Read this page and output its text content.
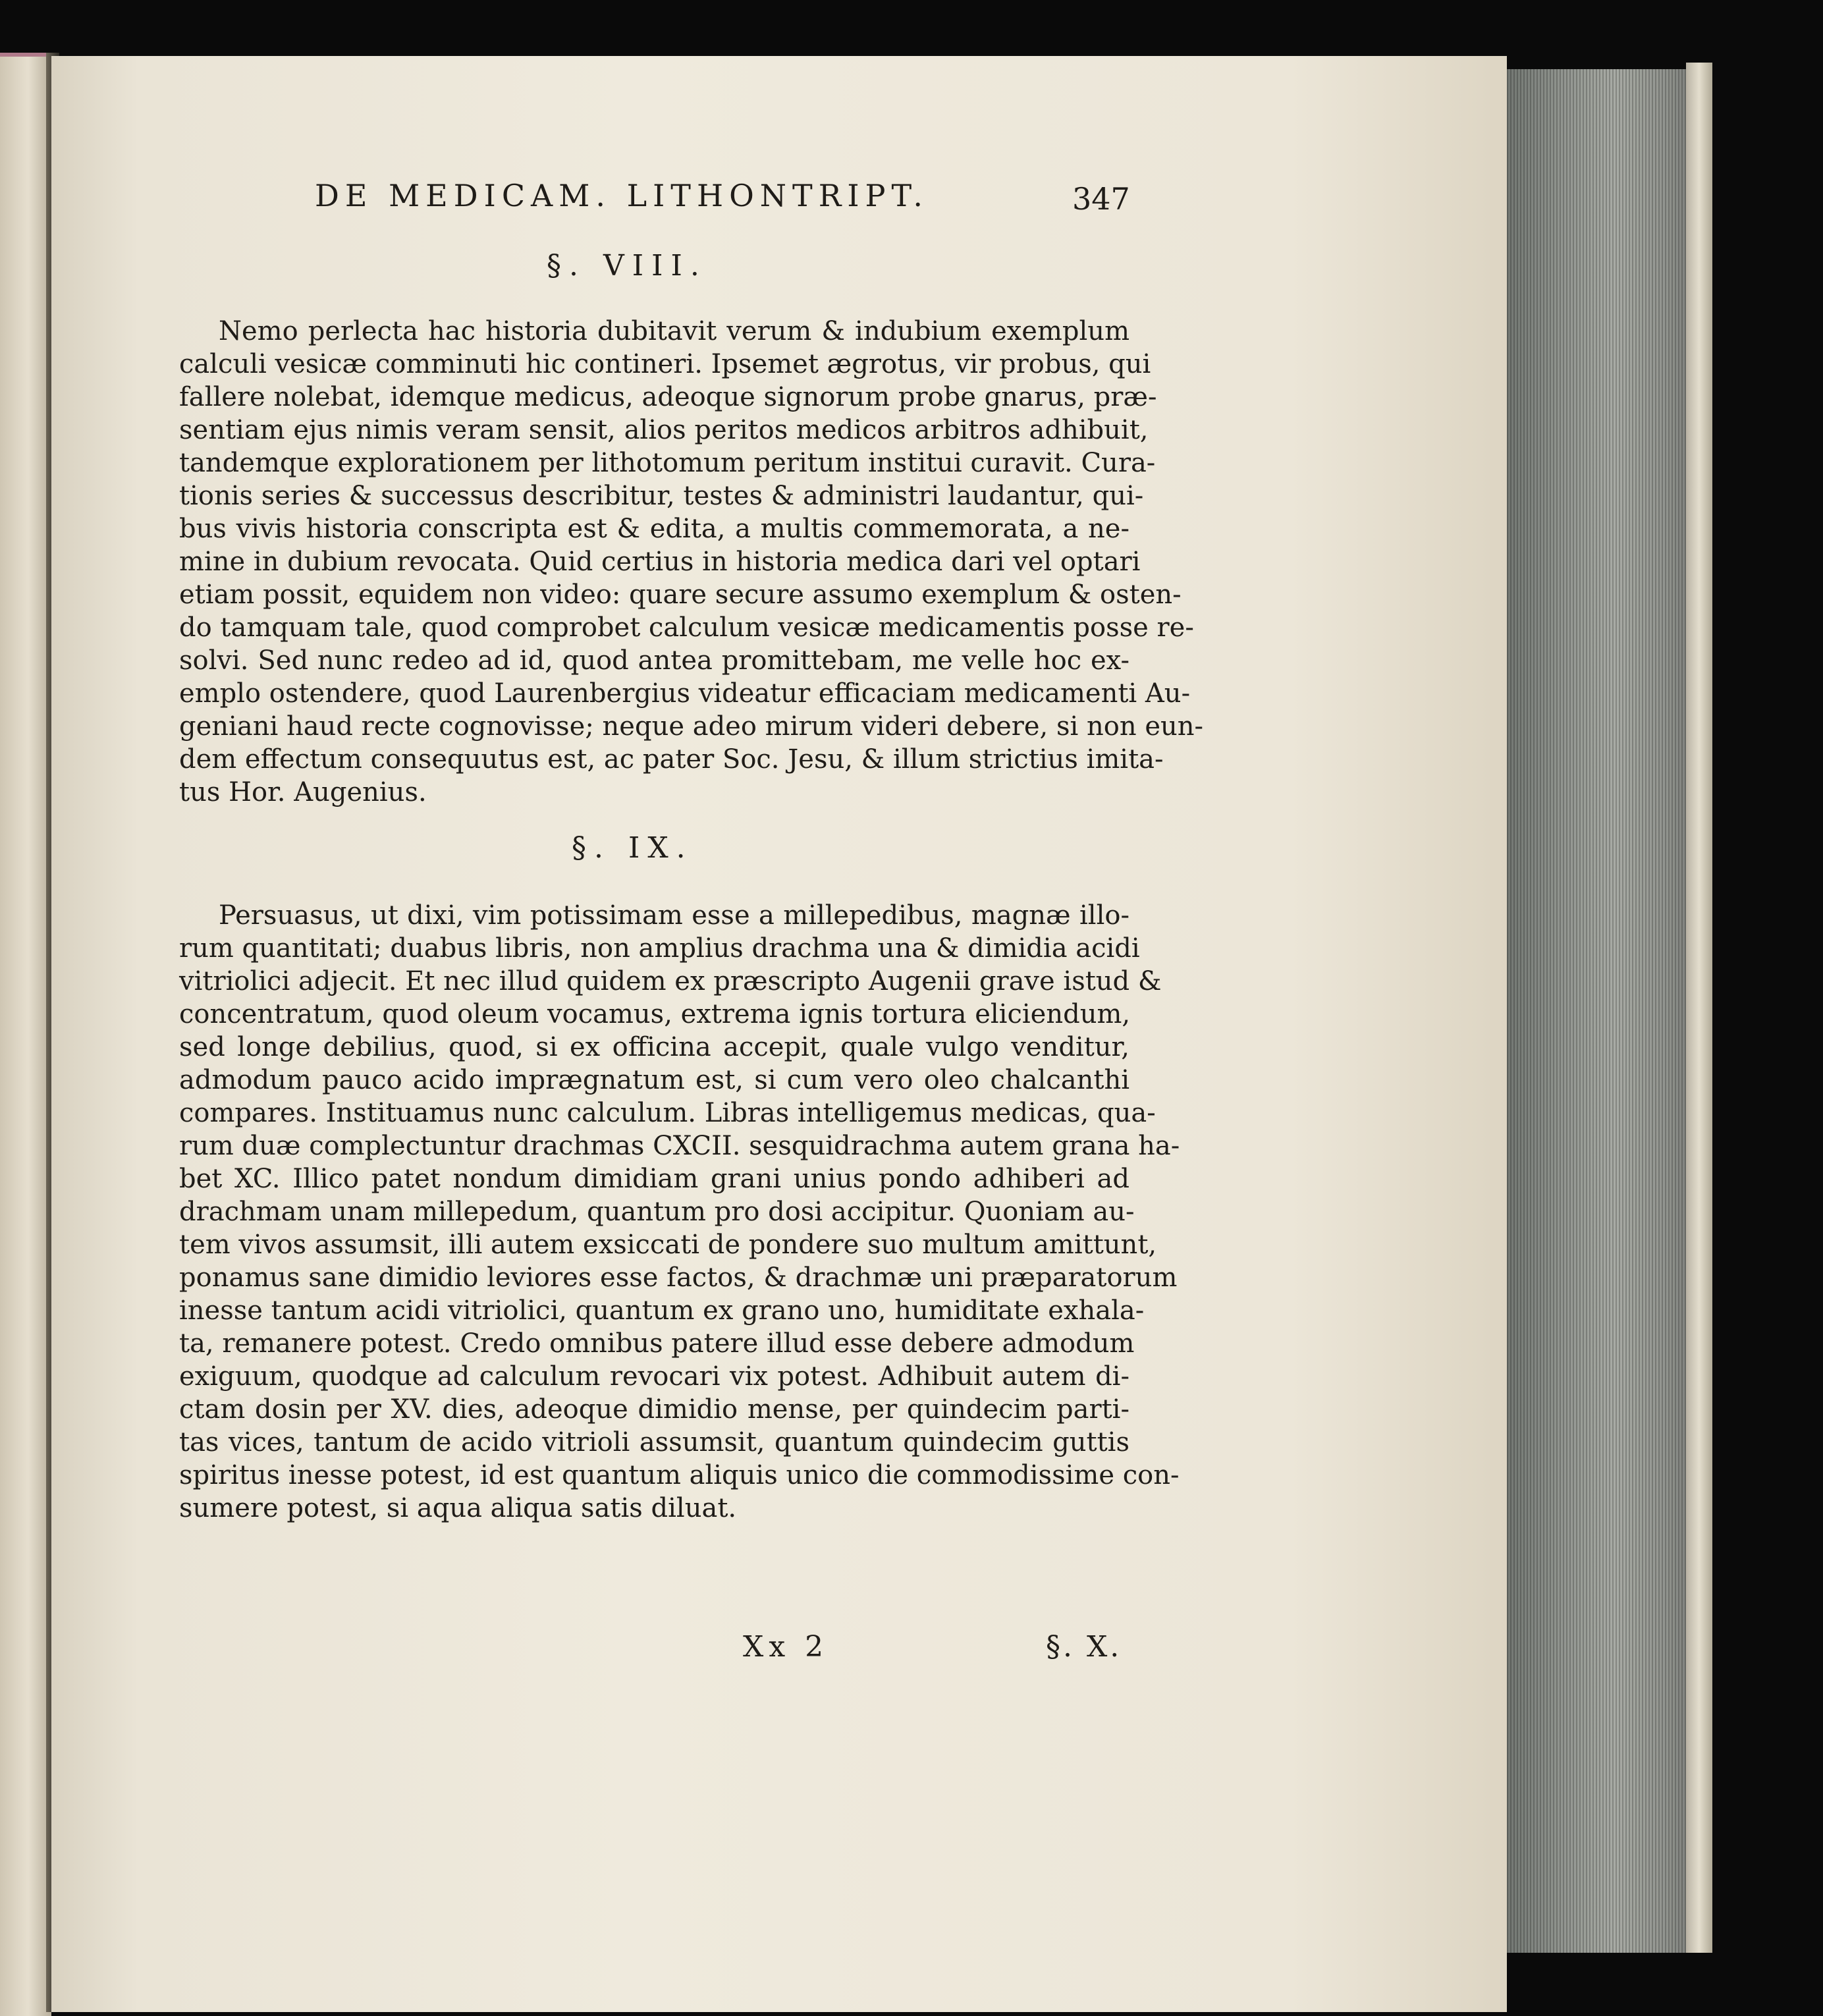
DE MEDICAM. LITHONTRIPT.	347
§. VIII.
Nemo perlecta hac historia dubitavit verum & indubium exemplum
calculi vesicæ comminuti hic contineri. Ipsemet ægrotus, vir probus, qui
fallere nolebat, idemque medicus, adeoque signorum probe gnarus, præ-
sentiam ejus nimis veram sensit, alios peritos medicos arbitros adhibuit,
tandemque explorationem per lithotomum peritum institui curavit. Cura-
tionis series & successus describitur, testes & administri laudantur, qui-
bus vivis historia conscripta est & edita, a multis commemorata, a ne-
mine in dubium revocata. Quid certius in historia medica dari vel optari
etiam possit, equidem non video: quare secure assumo exemplum & osten-
do tamquam tale, quod comprobet calculum vesicæ medicamentis posse re-
solvi. Sed nunc redeo ad id, quod antea promittebam, me velle hoc ex-
emplo ostendere, quod Laurenbergius videatur efficaciam medicamenti Au-
geniani haud recte cognovisse; neque adeo mirum videri debere, si non eun-
dem effectum consequutus est, ac pater Soc. Jesu, & illum strictius imita-
tus Hor. Augenius.
§. IX.
Persuasus, ut dixi, vim potissimam esse a millepedibus, magnæ illo-
rum quantitati; duabus libris, non amplius drachma una & dimidia acidi
vitriolici adjecit. Et nec illud quidem ex præscripto Augenii grave istud &
concentratum, quod oleum vocamus, extrema ignis tortura eliciendum,
sed longe debilius, quod, si ex officina accepit, quale vulgo venditur,
admodum pauco acido imprægnatum est, si cum vero oleo chalcanthi
compares. Instituamus nunc calculum. Libras intelligemus medicas, qua-
rum duæ complectuntur drachmas CXCII. sesquidrachma autem grana ha-
bet XC. Illico patet nondum dimidiam grani unius pondo adhiberi ad
drachmam unam millepedum, quantum pro dosi accipitur. Quoniam au-
tem vivos assumsit, illi autem exsiccati de pondere suo multum amittunt,
ponamus sane dimidio leviores esse factos, & drachmæ uni præparatorum
inesse tantum acidi vitriolici, quantum ex grano uno, humiditate exhala-
ta, remanere potest. Credo omnibus patere illud esse debere admodum
exiguum, quodque ad calculum revocari vix potest. Adhibuit autem di-
ctam dosin per XV. dies, adeoque dimidio mense, per quindecim parti-
tas vices, tantum de acido vitrioli assumsit, quantum quindecim guttis
spiritus inesse potest, id est quantum aliquis unico die commodissime con-
sumere potest, si aqua aliqua satis diluat.
Xx 2	§. X.
